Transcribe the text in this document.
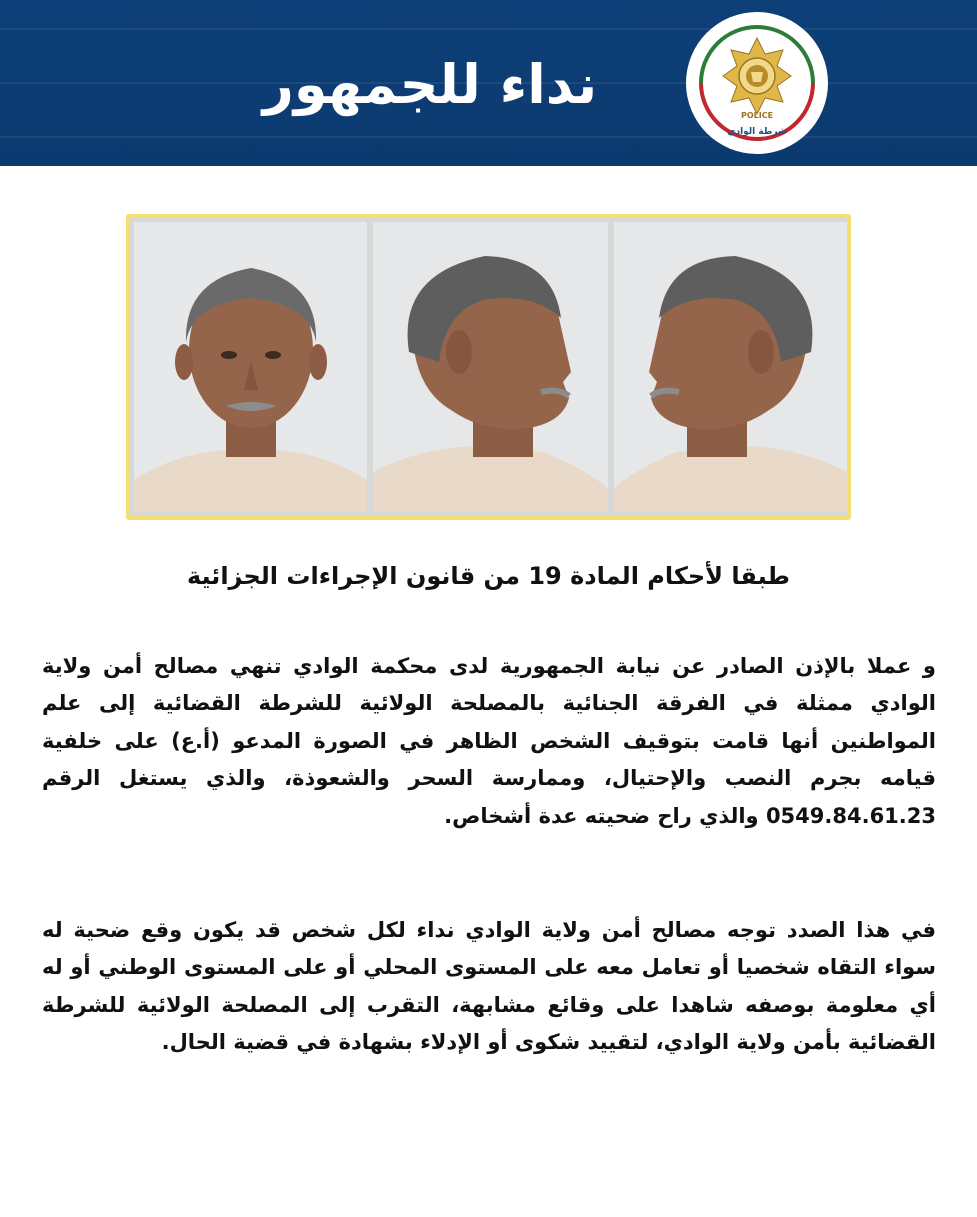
نداء للجمهور	POLICE
شرطة الوادي
طبقا لأحكام المادة 19 من قانون الإجراءات الجزائية
و عملا بالإذن الصادر عن نيابة الجمهورية لدى محكمة الوادي تنهي مصالح أمن ولاية الوادي ممثلة في الفرقة الجنائية بالمصلحة الولائية للشرطة القضائية إلى علم المواطنين أنها قامت بتوقيف الشخص الظاهر في الصورة المدعو (أ.ع) على خلفية قيامه بجرم النصب والإحتيال، وممارسة السحر والشعوذة، والذي يستغل الرقم 0549.84.61.23 والذي راح ضحيته عدة أشخاص.
في هذا الصدد توجه مصالح أمن ولاية الوادي نداء لكل شخص قد يكون وقع ضحية له سواء التقاه شخصيا أو تعامل معه على المستوى المحلي أو على المستوى الوطني أو له أي معلومة بوصفه شاهدا على وقائع مشابهة، التقرب إلى المصلحة الولائية للشرطة القضائية بأمن ولاية الوادي، لتقييد شكوى أو الإدلاء بشهادة في قضية الحال.
